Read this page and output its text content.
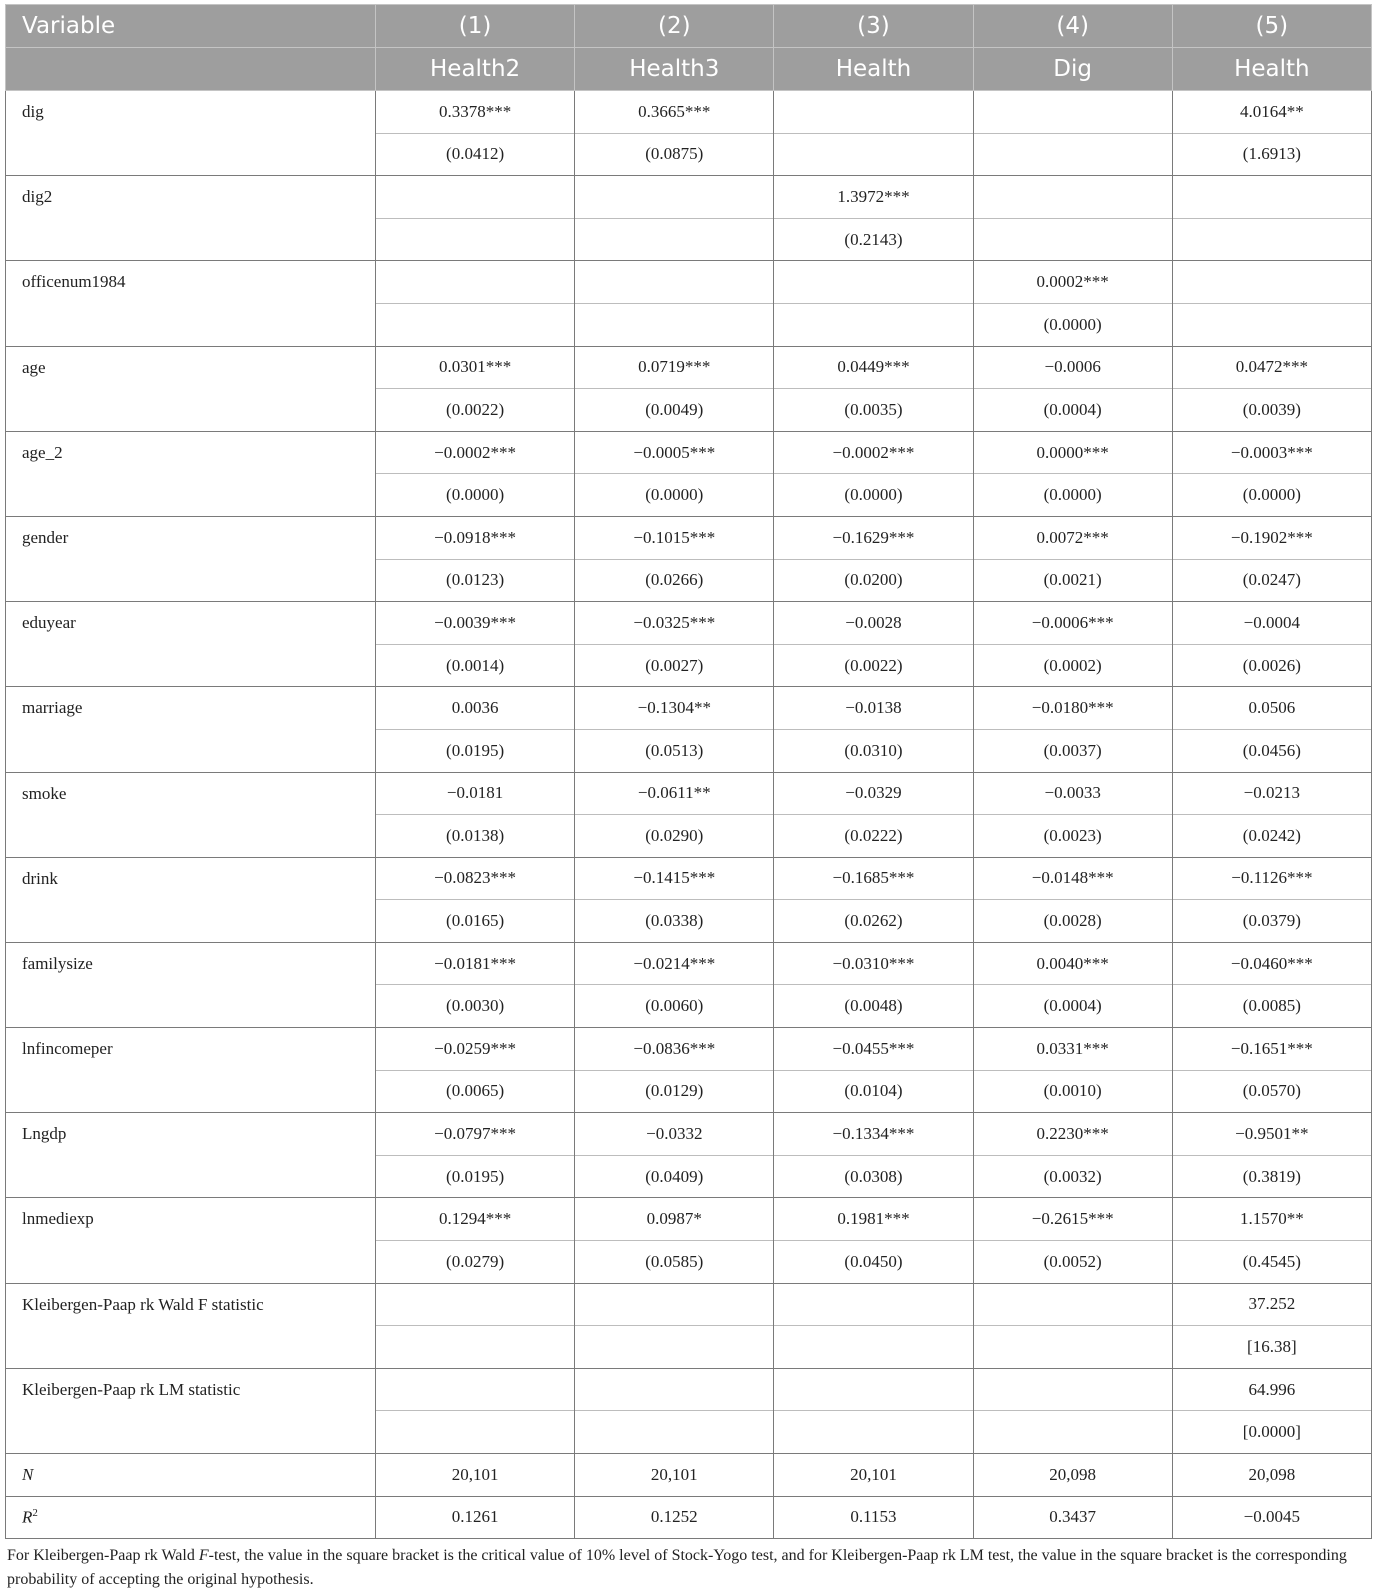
Variable	(1)	(2)	(3)	(4)	(5)
	Health2	Health3	Health	Dig	Health
dig	0.3378***	0.3665***			4.0164**
	(0.0412)	(0.0875)			(1.6913)
dig2			1.3972***		
			(0.2143)		
officenum1984				0.0002***	
				(0.0000)	
age	0.0301***	0.0719***	0.0449***	−0.0006	0.0472***
	(0.0022)	(0.0049)	(0.0035)	(0.0004)	(0.0039)
age_2	−0.0002***	−0.0005***	−0.0002***	0.0000***	−0.0003***
	(0.0000)	(0.0000)	(0.0000)	(0.0000)	(0.0000)
gender	−0.0918***	−0.1015***	−0.1629***	0.0072***	−0.1902***
	(0.0123)	(0.0266)	(0.0200)	(0.0021)	(0.0247)
eduyear	−0.0039***	−0.0325***	−0.0028	−0.0006***	−0.0004
	(0.0014)	(0.0027)	(0.0022)	(0.0002)	(0.0026)
marriage	0.0036	−0.1304**	−0.0138	−0.0180***	0.0506
	(0.0195)	(0.0513)	(0.0310)	(0.0037)	(0.0456)
smoke	−0.0181	−0.0611**	−0.0329	−0.0033	−0.0213
	(0.0138)	(0.0290)	(0.0222)	(0.0023)	(0.0242)
drink	−0.0823***	−0.1415***	−0.1685***	−0.0148***	−0.1126***
	(0.0165)	(0.0338)	(0.0262)	(0.0028)	(0.0379)
familysize	−0.0181***	−0.0214***	−0.0310***	0.0040***	−0.0460***
	(0.0030)	(0.0060)	(0.0048)	(0.0004)	(0.0085)
lnfincomeper	−0.0259***	−0.0836***	−0.0455***	0.0331***	−0.1651***
	(0.0065)	(0.0129)	(0.0104)	(0.0010)	(0.0570)
Lngdp	−0.0797***	−0.0332	−0.1334***	0.2230***	−0.9501**
	(0.0195)	(0.0409)	(0.0308)	(0.0032)	(0.3819)
lnmediexp	0.1294***	0.0987*	0.1981***	−0.2615***	1.1570**
	(0.0279)	(0.0585)	(0.0450)	(0.0052)	(0.4545)
Kleibergen-Paap rk Wald F statistic					37.252
					[16.38]
Kleibergen-Paap rk LM statistic					64.996
					[0.0000]
N	20,101	20,101	20,101	20,098	20,098
$R^2$	0.1261	0.1252	0.1153	0.3437	−0.0045
For Kleibergen-Paap rk Wald F-test, the value in the square bracket is the critical value of 10% level of Stock-Yogo test, and for Kleibergen-Paap rk LM test, the value in the square bracket is the corresponding probability of accepting the original hypothesis.
